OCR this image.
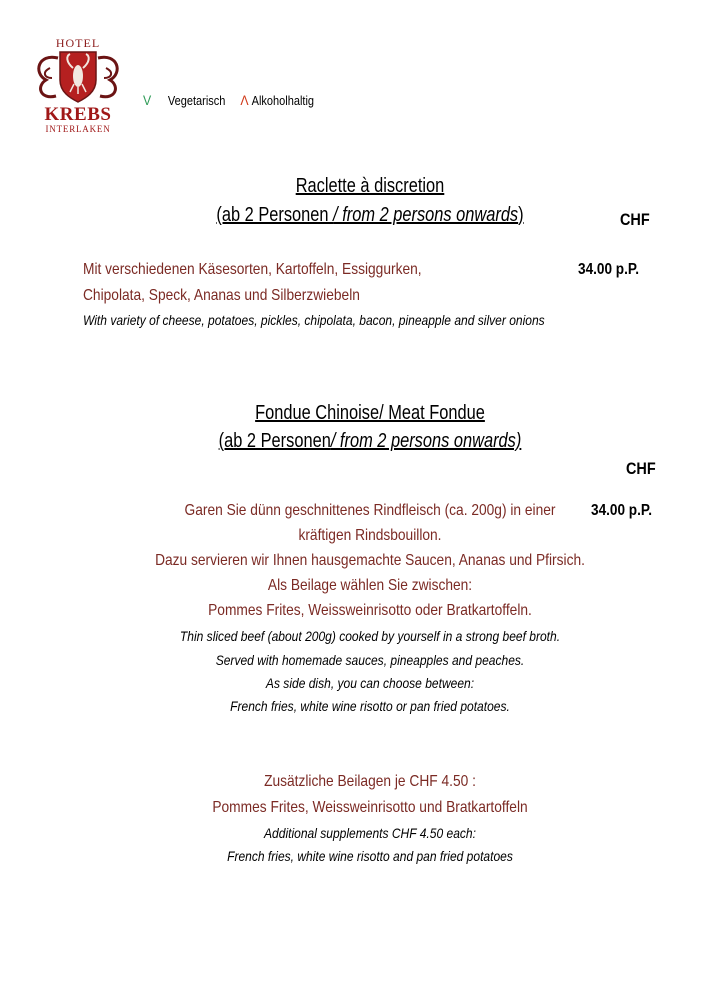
HOTEL
KREBS
INTERLAKEN
V Vegetarisch Λ Alkoholhaltig
Raclette à discretion
(ab 2 Personen / from 2 persons onwards)	CHF
Mit verschiedenen Käsesorten, Kartoffeln, Essiggurken,	34.00 p.P.
Chipolata, Speck, Ananas und Silberzwiebeln
With variety of cheese, potatoes, pickles, chipolata, bacon, pineapple and silver onions
Fondue Chinoise/ Meat Fondue
(ab 2 Personen/ from 2 persons onwards)
CHF
Garen Sie dünn geschnittenes Rindfleisch (ca. 200g) in einer	34.00 p.P.
kräftigen Rindsbouillon.
Dazu servieren wir Ihnen hausgemachte Saucen, Ananas und Pfirsich.
Als Beilage wählen Sie zwischen:
Pommes Frites, Weissweinrisotto oder Bratkartoffeln.
Thin sliced beef (about 200g) cooked by yourself in a strong beef broth.
Served with homemade sauces, pineapples and peaches.
As side dish, you can choose between:
French fries, white wine risotto or pan fried potatoes.
Zusätzliche Beilagen je CHF 4.50 :
Pommes Frites, Weissweinrisotto und Bratkartoffeln
Additional supplements CHF 4.50 each:
French fries, white wine risotto and pan fried potatoes
